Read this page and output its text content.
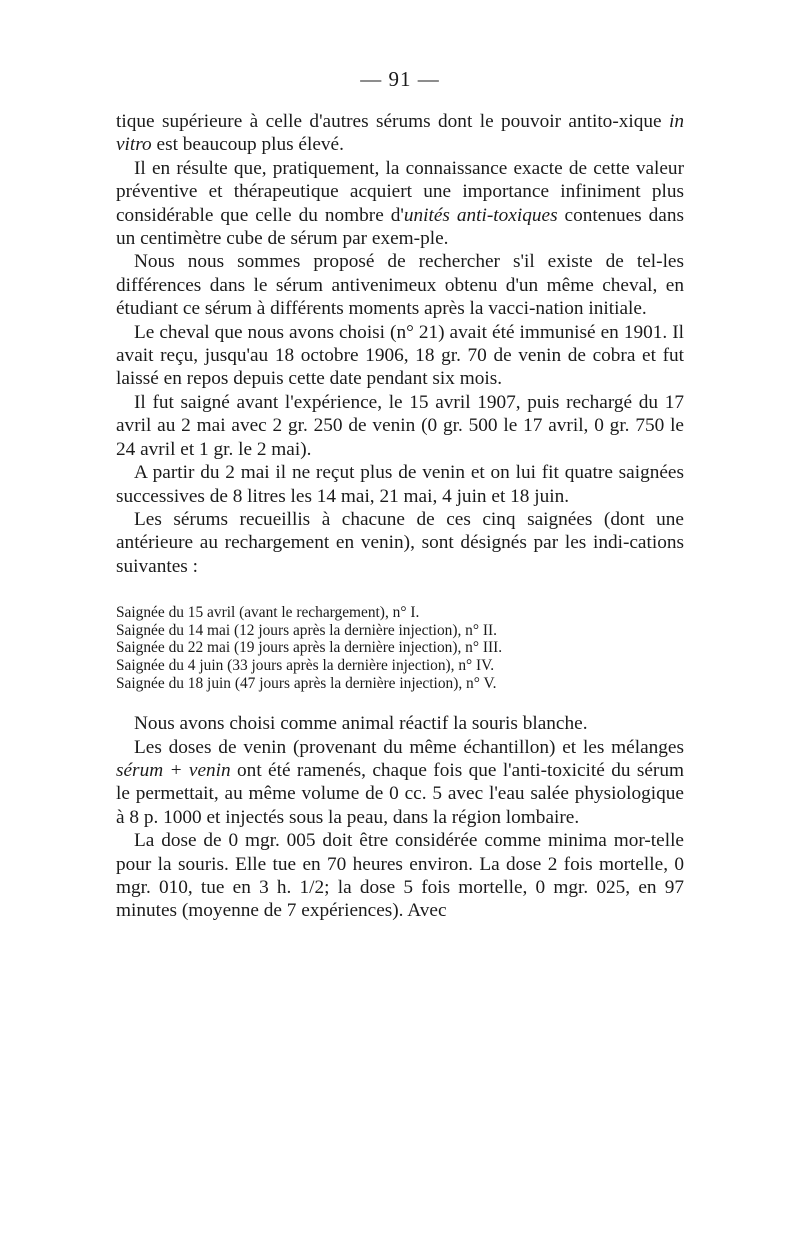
— 91 —

tique supérieure à celle d'autres sérums dont le pouvoir antito-xique in vitro est beaucoup plus élevé.

Il en résulte que, pratiquement, la connaissance exacte de cette valeur préventive et thérapeutique acquiert une importance infiniment plus considérable que celle du nombre d'unités anti-toxiques contenues dans un centimètre cube de sérum par exem-ple.

Nous nous sommes proposé de rechercher s'il existe de tel-les différences dans le sérum antivenimeux obtenu d'un même cheval, en étudiant ce sérum à différents moments après la vacci-nation initiale.

Le cheval que nous avons choisi (n° 21) avait été immunisé en 1901. Il avait reçu, jusqu'au 18 octobre 1906, 18 gr. 70 de venin de cobra et fut laissé en repos depuis cette date pendant six mois.

Il fut saigné avant l'expérience, le 15 avril 1907, puis rechargé du 17 avril au 2 mai avec 2 gr. 250 de venin (0 gr. 500 le 17 avril, 0 gr. 750 le 24 avril et 1 gr. le 2 mai).

A partir du 2 mai il ne reçut plus de venin et on lui fit quatre saignées successives de 8 litres les 14 mai, 21 mai, 4 juin et 18 juin.

Les sérums recueillis à chacune de ces cinq saignées (dont une antérieure au rechargement en venin), sont désignés par les indi-cations suivantes :

Saignée du 15 avril (avant le rechargement), n° I.
Saignée du 14 mai (12 jours après la dernière injection), n° II.
Saignée du 22 mai (19 jours après la dernière injection), n° III.
Saignée du 4 juin (33 jours après la dernière injection), n° IV.
Saignée du 18 juin (47 jours après la dernière injection), n° V.

Nous avons choisi comme animal réactif la souris blanche.

Les doses de venin (provenant du même échantillon) et les mélanges sérum + venin ont été ramenés, chaque fois que l'anti-toxicité du sérum le permettait, au même volume de 0 cc. 5 avec l'eau salée physiologique à 8 p. 1000 et injectés sous la peau, dans la région lombaire.

La dose de 0 mgr. 005 doit être considérée comme minima mor-telle pour la souris. Elle tue en 70 heures environ. La dose 2 fois mortelle, 0 mgr. 010, tue en 3 h. 1/2; la dose 5 fois mortelle, 0 mgr. 025, en 97 minutes (moyenne de 7 expériences). Avec
